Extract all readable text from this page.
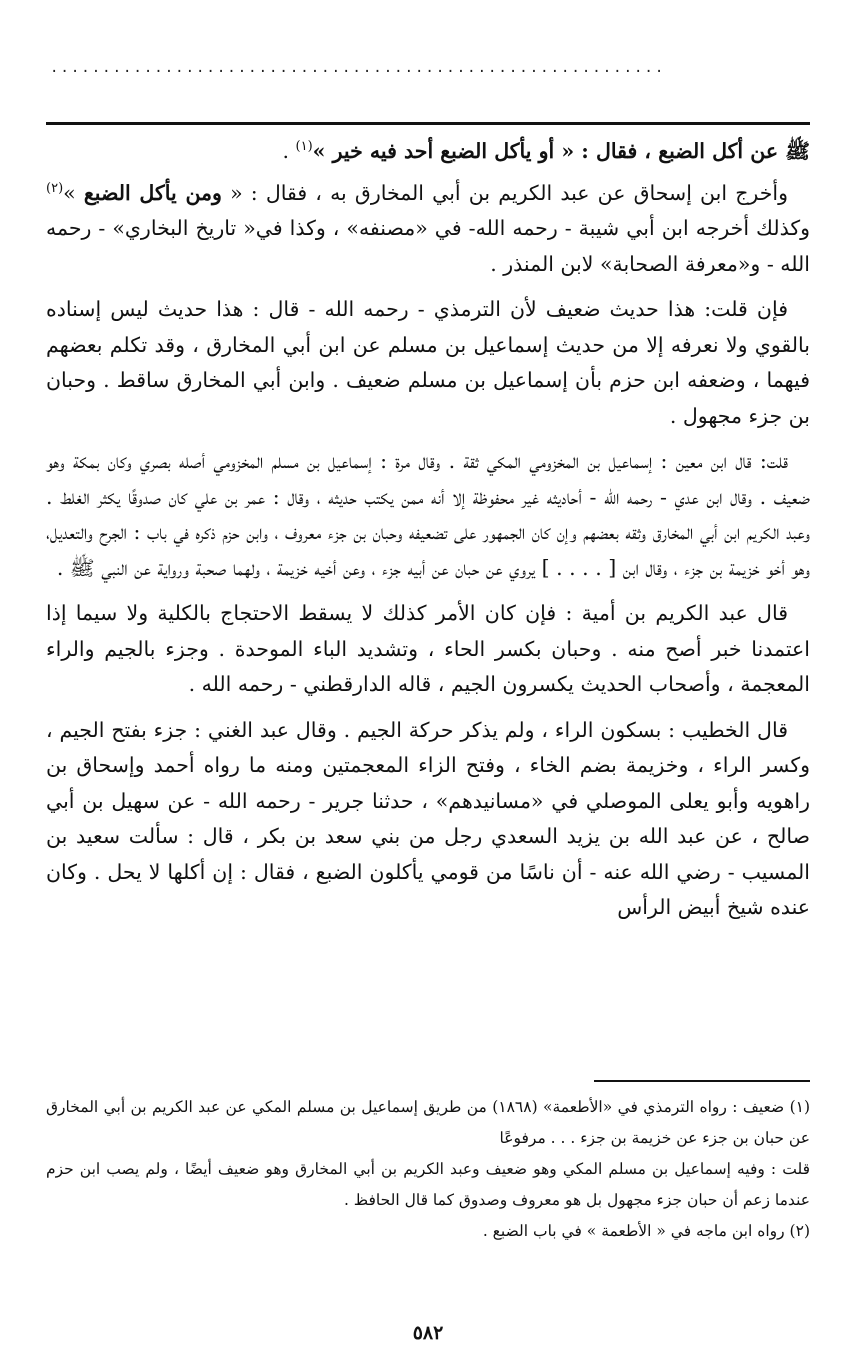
...........................................................

ﷺ عن أكل الضبع ، فقال : « أو يأكل الضبع أحد فيه خير »$^{(١)}$ .

وأخرج ابن إسحاق عن عبد الكريم بن أبي المخارق به ، فقال : « ومن يأكل الضبع »$^{(٢)}$ وكذلك أخرجه ابن أبي شيبة - رحمه الله- في «مصنفه» ، وكذا في« تاريخ البخاري» - رحمه الله - و«معرفة الصحابة» لابن المنذر .

فإن قلت: هذا حديث ضعيف لأن الترمذي - رحمه الله - قال : هذا حديث ليس إسناده بالقوي ولا نعرفه إلا من حديث إسماعيل بن مسلم عن ابن أبي المخارق ، وقد تكلم بعضهم فيهما ، وضعفه ابن حزم بأن إسماعيل بن مسلم ضعيف . وابن أبي المخارق ساقط . وحبان بن جزء مجهول .

قلت: قال ابن معين : إسماعيل بن المخزومي المكي ثقة . وقال مرة : إسماعيل بن مسلم المخزومي أصله بصري وكان بمكة وهو ضعيف . وقال ابن عدي - رحمه الله - أحاديثه غير محفوظة إلا أنه ممن يكتب حديثه ، وقال : عمر بن علي كان صدوقًا يكثر الغلط . وعبد الكريم ابن أبي المخارق وثقه بعضهم وإن كان الجمهور على تضعيفه وحبان بن جزء معروف ، وابن حزم ذكره في باب : الجرح والتعديل، وهو أخو خزيمة بن جزء ، وقال ابن [ . . . . ] يروي عن حبان عن أبيه جزء ، وعن أخيه خزيمة ، ولهما صحبة ورواية عن النبي ﷺ .

قال عبد الكريم بن أمية : فإن كان الأمر كذلك لا يسقط الاحتجاج بالكلية ولا سيما إذا اعتمدنا خبر أصح منه . وحبان بكسر الحاء ، وتشديد الباء الموحدة . وجزء بالجيم والراء المعجمة ، وأصحاب الحديث يكسرون الجيم ، قاله الدارقطني - رحمه الله .

قال الخطيب : بسكون الراء ، ولم يذكر حركة الجيم . وقال عبد الغني : جزء بفتح الجيم ، وكسر الراء ، وخزيمة بضم الخاء ، وفتح الزاء المعجمتين ومنه ما رواه أحمد وإسحاق بن راهويه وأبو يعلى الموصلي في «مسانيدهم» ، حدثنا جرير - رحمه الله - عن سهيل بن أبي صالح ، عن عبد الله بن يزيد السعدي رجل من بني سعد بن بكر ، قال : سألت سعيد بن المسيب - رضي الله عنه - أن ناسًا من قومي يأكلون الضبع ، فقال : إن أكلها لا يحل . وكان عنده شيخ أبيض الرأس

(١) ضعيف : رواه الترمذي في «الأطعمة» (١٨٦٨) من طريق إسماعيل بن مسلم المكي عن عبد الكريم بن أبي المخارق عن حبان بن جزء عن خزيمة بن جزء . . . مرفوعًا

قلت : وفيه إسماعيل بن مسلم المكي وهو ضعيف وعبد الكريم بن أبي المخارق وهو ضعيف أيضًا ، ولم يصب ابن حزم عندما زعم أن حبان جزء مجهول بل هو معروف وصدوق كما قال الحافظ .

(٢) رواه ابن ماجه في « الأطعمة » في باب الضبع .

٥٨٢
